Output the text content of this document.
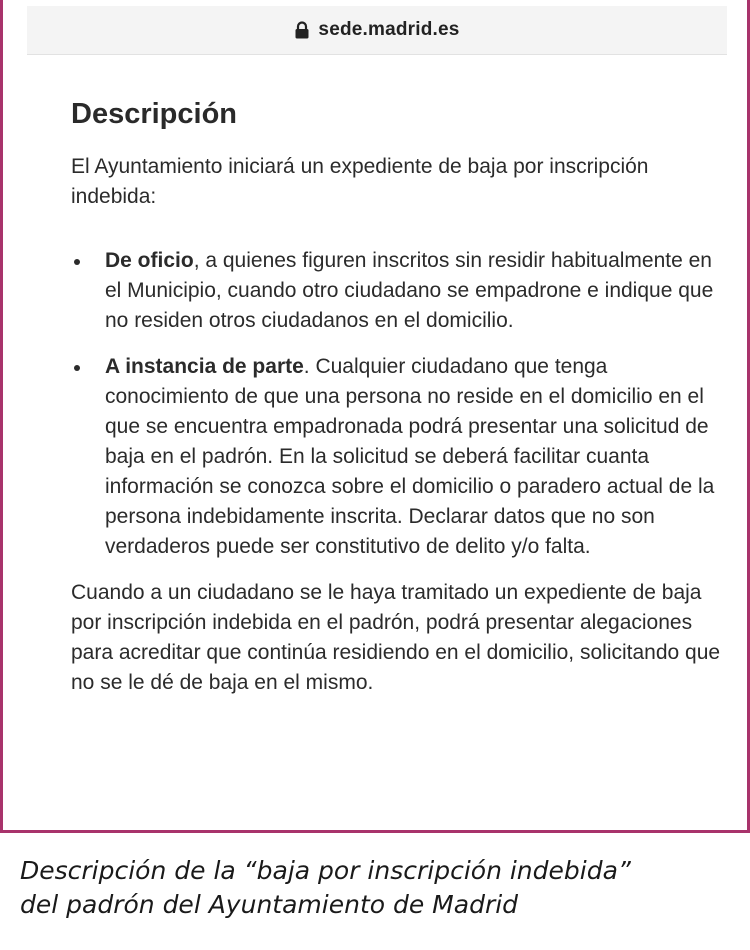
sede.madrid.es
Descripción

El Ayuntamiento iniciará un expediente de baja por inscripción indebida:

De oficio, a quienes figuren inscritos sin residir habitualmente en el Municipio, cuando otro ciudadano se empadrone e indique que no residen otros ciudadanos en el domicilio.
A instancia de parte. Cualquier ciudadano que tenga conocimiento de que una persona no reside en el domicilio en el que se encuentra empadronada podrá presentar una solicitud de baja en el padrón. En la solicitud se deberá facilitar cuanta información se conozca sobre el domicilio o paradero actual de la persona indebidamente inscrita. Declarar datos que no son verdaderos puede ser constitutivo de delito y/o falta.

Cuando a un ciudadano se le haya tramitado un expediente de baja por inscripción indebida en el padrón, podrá presentar alegaciones para acreditar que continúa residiendo en el domicilio, solicitando que no se le dé de baja en el mismo.

Descripción de la “baja por inscripción indebida”
del padrón del Ayuntamiento de Madrid
